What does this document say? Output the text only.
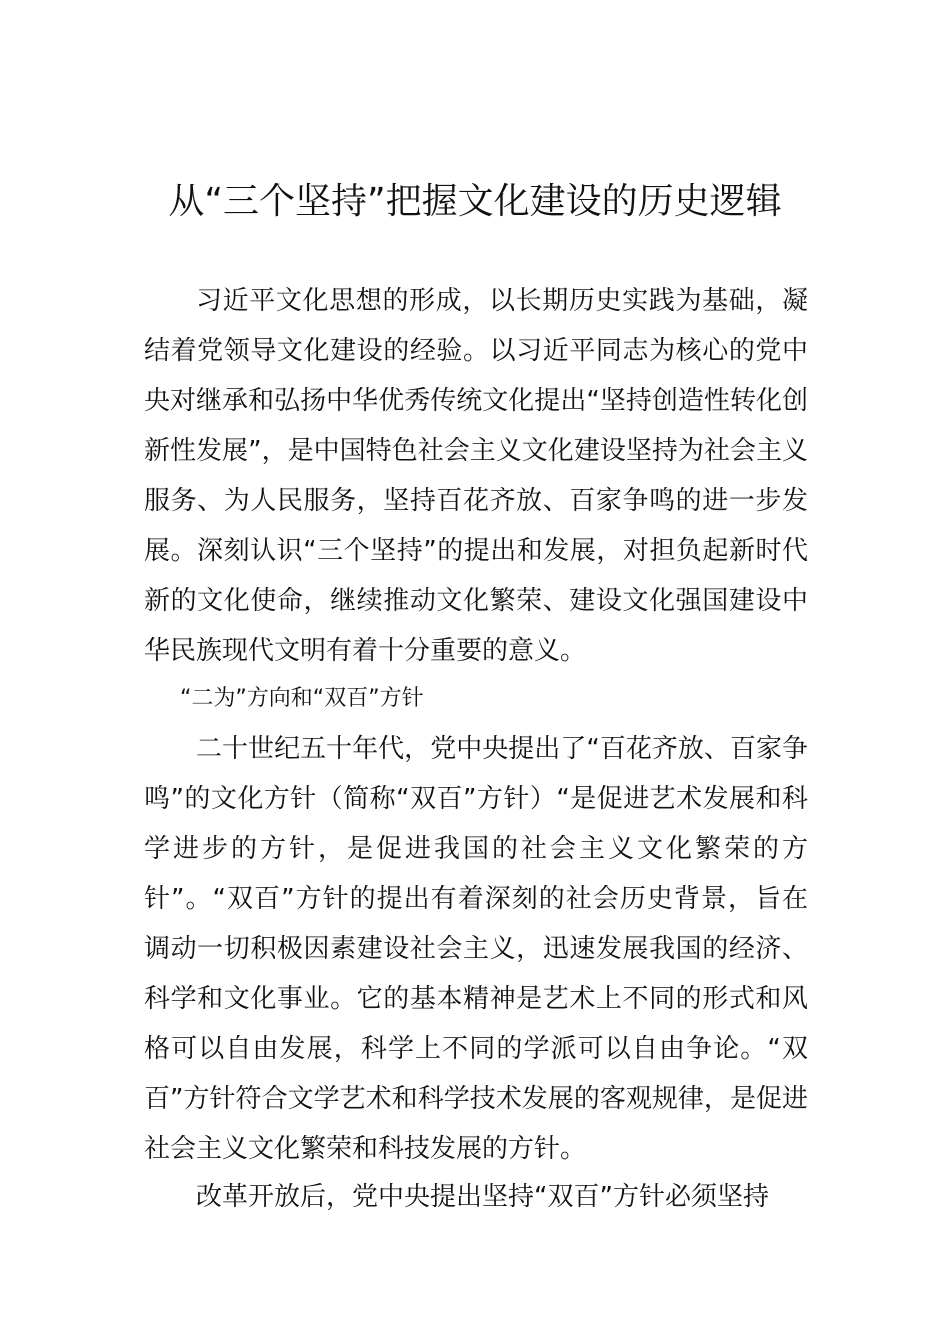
从“三个坚持”把握文化建设的历史逻辑

习近平文化思想的形成，以长期历史实践为基础，凝结着党领导文化建设的经验。以习近平同志为核心的党中央对继承和弘扬中华优秀传统文化提出“坚持创造性转化创新性发展”，是中国特色社会主义文化建设坚持为社会主义服务、为人民服务，坚持百花齐放、百家争鸣的进一步发展。深刻认识“三个坚持”的提出和发展，对担负起新时代新的文化使命，继续推动文化繁荣、建设文化强国建设中华民族现代文明有着十分重要的意义。

“二为”方向和“双百”方针

二十世纪五十年代，党中央提出了“百花齐放、百家争鸣”的文化方针（简称“双百”方针）“是促进艺术发展和科学进步的方针，是促进我国的社会主义文化繁荣的方针”。“双百”方针的提出有着深刻的社会历史背景，旨在调动一切积极因素建设社会主义，迅速发展我国的经济、科学和文化事业。它的基本精神是艺术上不同的形式和风格可以自由发展，科学上不同的学派可以自由争论。“双百”方针符合文学艺术和科学技术发展的客观规律，是促进社会主义文化繁荣和科技发展的方针。

改革开放后，党中央提出坚持“双百”方针必须坚持
